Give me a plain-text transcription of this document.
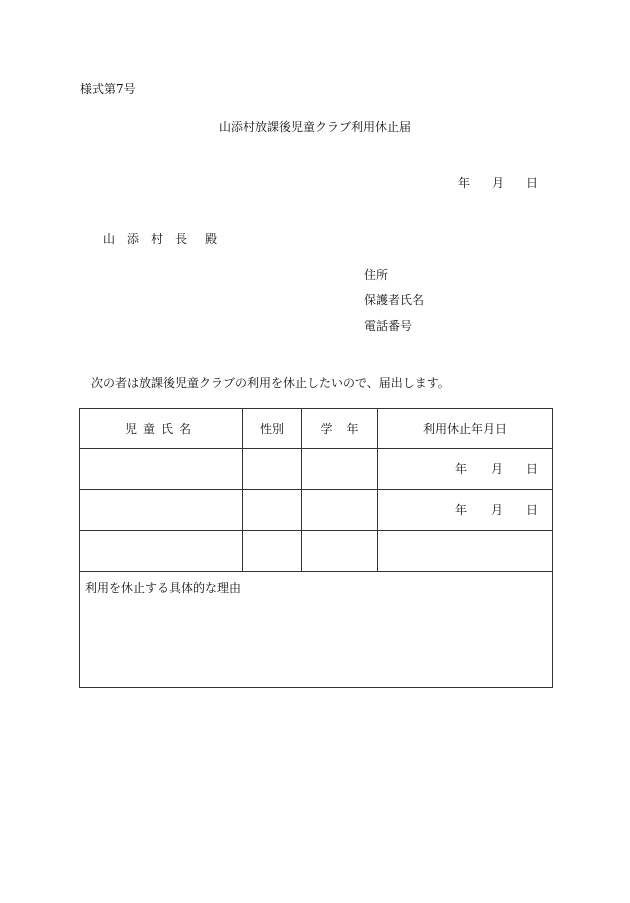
様式第7号
山添村放課後児童クラブ利用休止届
年 月 日
山 添 村 長 殿
住所
保護者氏名
電話番号
次の者は放課後児童クラブの利用を休止したいので、届出します。
児童氏名	性別	学 年	利用休止年月日

			年 月 日

			年 月 日

利用を休止する具体的な理由			
